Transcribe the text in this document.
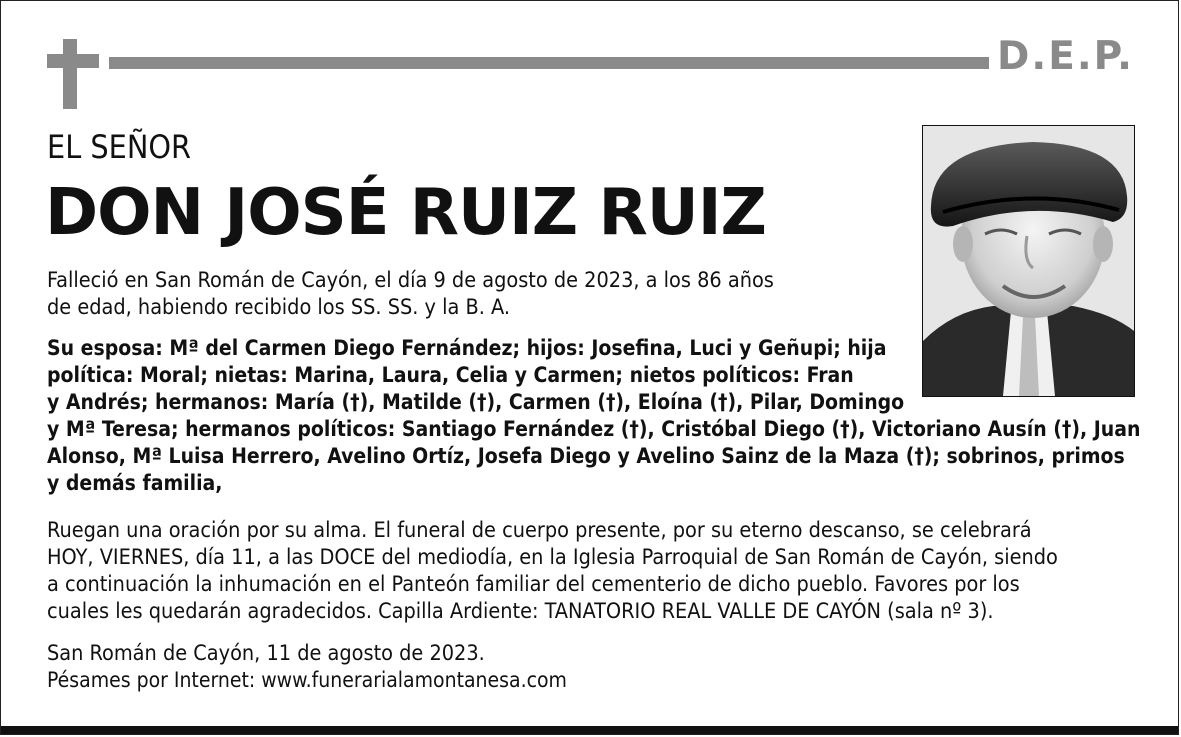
D.E.P.
EL SEÑOR
DON JOSÉ RUIZ RUIZ

Falleció en San Román de Cayón, el día 9 de agosto de 2023, a los 86 años
de edad, habiendo recibido los SS. SS. y la B. A.

Su esposa: Mª del Carmen Diego Fernández; hijos: Josefina, Luci y Geñupi; hija
política: Moral; nietas: Marina, Laura, Celia y Carmen; nietos políticos: Fran
y Andrés; hermanos: María (†), Matilde (†), Carmen (†), Eloína (†), Pilar, Domingo
y Mª Teresa; hermanos políticos: Santiago Fernández (†), Cristóbal Diego (†), Victoriano Ausín (†), Juan
Alonso, Mª Luisa Herrero, Avelino Ortíz, Josefa Diego y Avelino Sainz de la Maza (†); sobrinos, primos
y demás familia,

Ruegan una oración por su alma. El funeral de cuerpo presente, por su eterno descanso, se celebrará
HOY, VIERNES, día 11, a las DOCE del mediodía, en la Iglesia Parroquial de San Román de Cayón, siendo
a continuación la inhumación en el Panteón familiar del cementerio de dicho pueblo. Favores por los
cuales les quedarán agradecidos. Capilla Ardiente: TANATORIO REAL VALLE DE CAYÓN (sala nº 3).

San Román de Cayón, 11 de agosto de 2023.

Pésames por Internet: www.funerarialamontanesa.com
